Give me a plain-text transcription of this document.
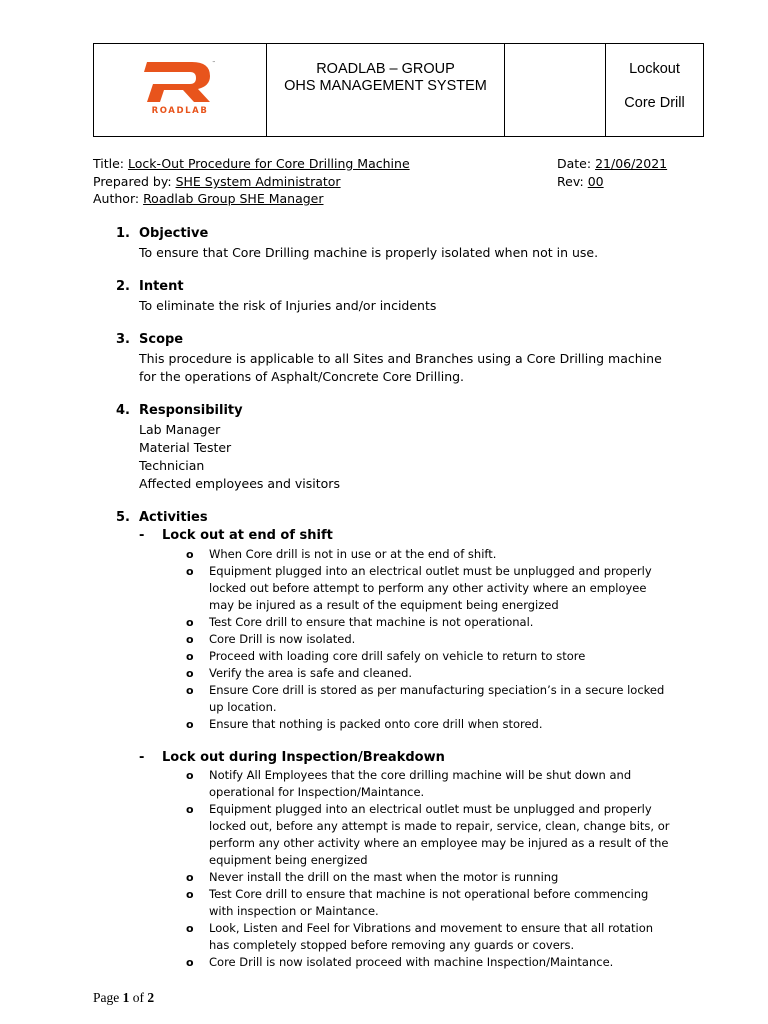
™
ROADLAB
ROADLAB – GROUP
OHS MANAGEMENT SYSTEM
Lockout
Core Drill
Title: Lock-Out Procedure for Core Drilling Machine	Date: 21/06/2021
Prepared by: SHE System Administrator	Rev: 00
Author: Roadlab Group SHE Manager
1. Objective
To ensure that Core Drilling machine is properly isolated when not in use.
2. Intent
To eliminate the risk of Injuries and/or incidents
3. Scope
This procedure is applicable to all Sites and Branches using a Core Drilling machine
for the operations of Asphalt/Concrete Core Drilling.
4. Responsibility
Lab Manager
Material Tester
Technician
Affected employees and visitors
5. Activities
- Lock out at end of shift
o When Core drill is not in use or at the end of shift.
o Equipment plugged into an electrical outlet must be unplugged and properly
locked out before attempt to perform any other activity where an employee
may be injured as a result of the equipment being energized
o Test Core drill to ensure that machine is not operational.
o Core Drill is now isolated.
o Proceed with loading core drill safely on vehicle to return to store
o Verify the area is safe and cleaned.
o Ensure Core drill is stored as per manufacturing speciation’s in a secure locked
up location.
o Ensure that nothing is packed onto core drill when stored.
- Lock out during Inspection/Breakdown
o Notify All Employees that the core drilling machine will be shut down and
operational for Inspection/Maintance.
o Equipment plugged into an electrical outlet must be unplugged and properly
locked out, before any attempt is made to repair, service, clean, change bits, or
perform any other activity where an employee may be injured as a result of the
equipment being energized
o Never install the drill on the mast when the motor is running
o Test Core drill to ensure that machine is not operational before commencing
with inspection or Maintance.
o Look, Listen and Feel for Vibrations and movement to ensure that all rotation
has completely stopped before removing any guards or covers.
o Core Drill is now isolated proceed with machine Inspection/Maintance.
Page 1 of 2
